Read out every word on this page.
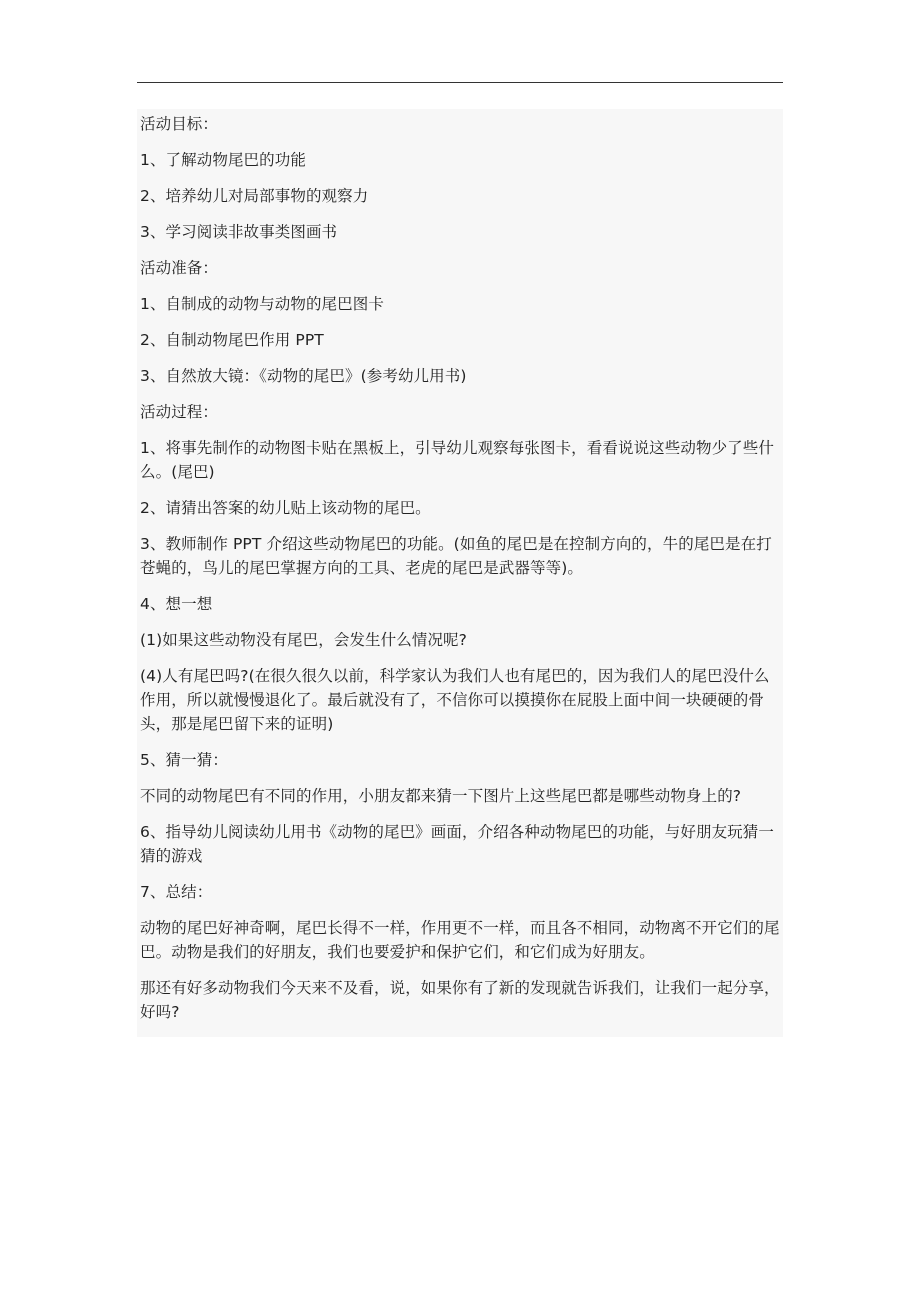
活动目标：

1、了解动物尾巴的功能

2、培养幼儿对局部事物的观察力

3、学习阅读非故事类图画书

活动准备：

1、自制成的动物与动物的尾巴图卡

2、自制动物尾巴作用 PPT

3、自然放大镜：《动物的尾巴》(参考幼儿用书)

活动过程：

1、将事先制作的动物图卡贴在黑板上，引导幼儿观察每张图卡，看看说说这些动物少了些什么。(尾巴)

2、请猜出答案的幼儿贴上该动物的尾巴。

3、教师制作 PPT 介绍这些动物尾巴的功能。(如鱼的尾巴是在控制方向的，牛的尾巴是在打苍蝇的，鸟儿的尾巴掌握方向的工具、老虎的尾巴是武器等等)。

4、想一想

(1)如果这些动物没有尾巴，会发生什么情况呢?

(4)人有尾巴吗?(在很久很久以前，科学家认为我们人也有尾巴的，因为我们人的尾巴没什么作用，所以就慢慢退化了。最后就没有了，不信你可以摸摸你在屁股上面中间一块硬硬的骨头，那是尾巴留下来的证明)

5、猜一猜：

不同的动物尾巴有不同的作用，小朋友都来猜一下图片上这些尾巴都是哪些动物身上的?

6、指导幼儿阅读幼儿用书《动物的尾巴》画面，介绍各种动物尾巴的功能，与好朋友玩猜一猜的游戏

7、总结：

动物的尾巴好神奇啊，尾巴长得不一样，作用更不一样，而且各不相同，动物离不开它们的尾巴。动物是我们的好朋友，我们也要爱护和保护它们，和它们成为好朋友。

那还有好多动物我们今天来不及看，说，如果你有了新的发现就告诉我们，让我们一起分享，好吗?
